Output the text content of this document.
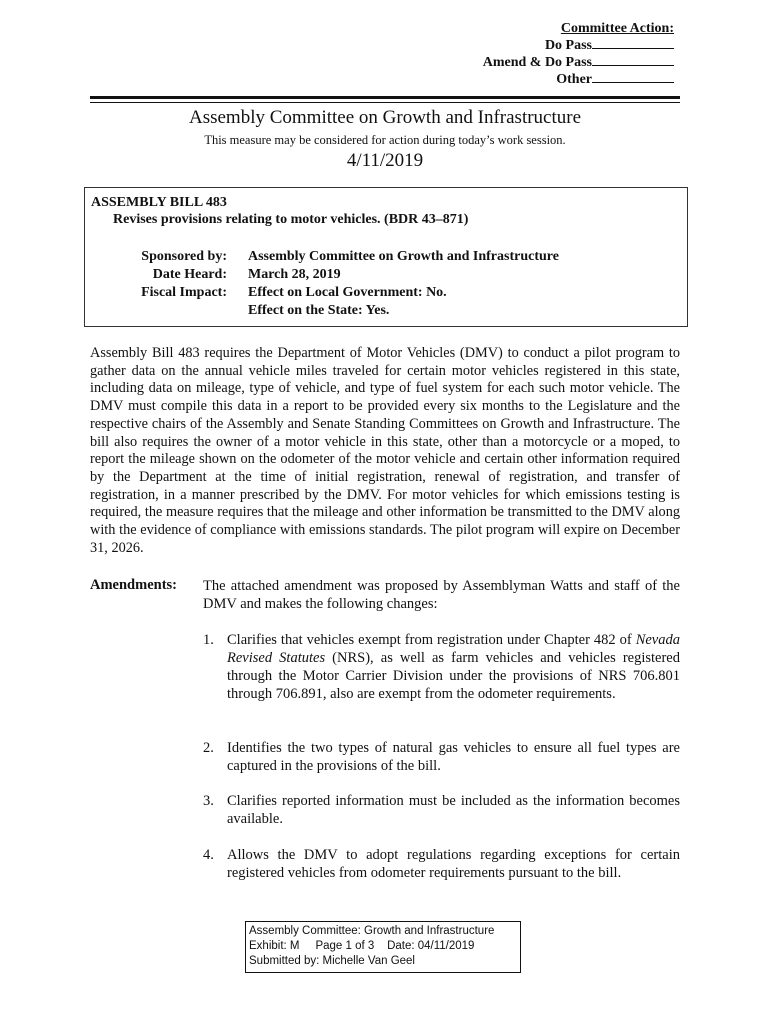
Committee Action:
Do Pass
Amend & Do Pass
Other
Assembly Committee on Growth and Infrastructure
This measure may be considered for action during today’s work session.
4/11/2019
ASSEMBLY BILL 483
Revises provisions relating to motor vehicles. (BDR 43–871)
Sponsored by: Assembly Committee on Growth and Infrastructure
Date Heard: March 28, 2019
Fiscal Impact: Effect on Local Government: No.
Effect on the State: Yes.
Assembly Bill 483 requires the Department of Motor Vehicles (DMV) to conduct a pilot program to gather data on the annual vehicle miles traveled for certain motor vehicles registered in this state, including data on mileage, type of vehicle, and type of fuel system for each such motor vehicle. The DMV must compile this data in a report to be provided every six months to the Legislature and the respective chairs of the Assembly and Senate Standing Committees on Growth and Infrastructure. The bill also requires the owner of a motor vehicle in this state, other than a motorcycle or a moped, to report the mileage shown on the odometer of the motor vehicle and certain other information required by the Department at the time of initial registration, renewal of registration, and transfer of registration, in a manner prescribed by the DMV. For motor vehicles for which emissions testing is required, the measure requires that the mileage and other information be transmitted to the DMV along with the evidence of compliance with emissions standards. The pilot program will expire on December 31, 2026.
Amendments: The attached amendment was proposed by Assemblyman Watts and staff of the DMV and makes the following changes:
1. Clarifies that vehicles exempt from registration under Chapter 482 of Nevada Revised Statutes (NRS), as well as farm vehicles and vehicles registered through the Motor Carrier Division under the provisions of NRS 706.801 through 706.891, also are exempt from the odometer requirements.
2. Identifies the two types of natural gas vehicles to ensure all fuel types are captured in the provisions of the bill.
3. Clarifies reported information must be included as the information becomes available.
4. Allows the DMV to adopt regulations regarding exceptions for certain registered vehicles from odometer requirements pursuant to the bill.
Assembly Committee: Growth and Infrastructure
Exhibit: M     Page 1 of 3    Date: 04/11/2019
Submitted by: Michelle Van Geel
